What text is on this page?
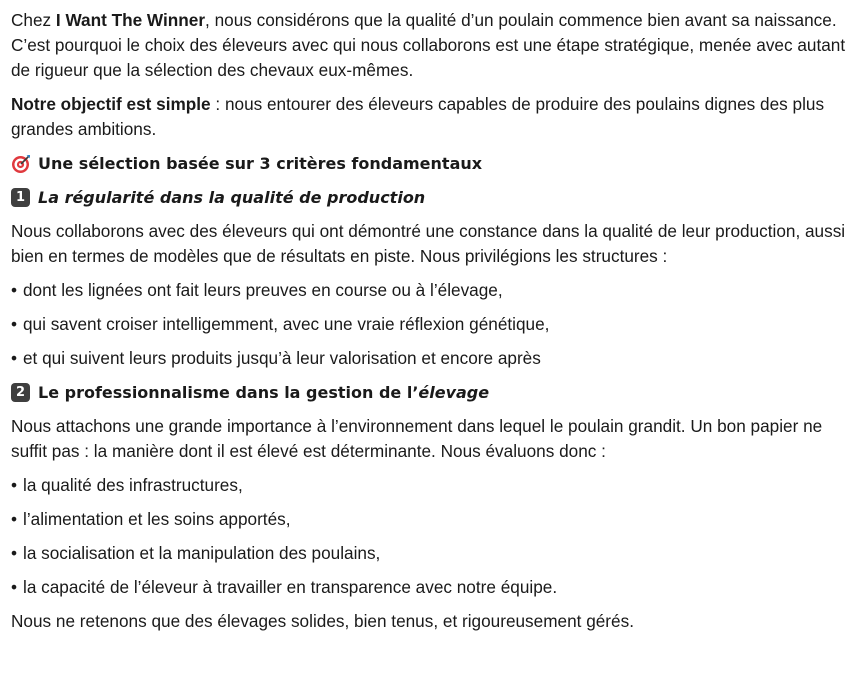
Chez I Want The Winner, nous considérons que la qualité d’un poulain commence bien avant sa naissance. C’est pourquoi le choix des éleveurs avec qui nous collaborons est une étape stratégique, menée avec autant de rigueur que la sélection des chevaux eux-mêmes.

Notre objectif est simple : nous entourer des éleveurs capables de produire des poulains dignes des plus grandes ambitions.

Une sélection basée sur 3 critères fondamentaux
1 La régularité dans la qualité de production

Nous collaborons avec des éleveurs qui ont démontré une constance dans la qualité de leur production, aussi bien en termes de modèles que de résultats en piste. Nous privilégions les structures :

• dont les lignées ont fait leurs preuves en course ou à l’élevage,
• qui savent croiser intelligemment, avec une vraie réflexion génétique,
• et qui suivent leurs produits jusqu’à leur valorisation et encore après
2 Le professionnalisme dans la gestion de l’ élevage

Nous attachons une grande importance à l’environnement dans lequel le poulain grandit. Un bon papier ne suffit pas : la manière dont il est élevé est déterminante. Nous évaluons donc :

• la qualité des infrastructures,
• l’alimentation et les soins apportés,
• la socialisation et la manipulation des poulains,
• la capacité de l’éleveur à travailler en transparence avec notre équipe.

Nous ne retenons que des élevages solides, bien tenus, et rigoureusement gérés.
